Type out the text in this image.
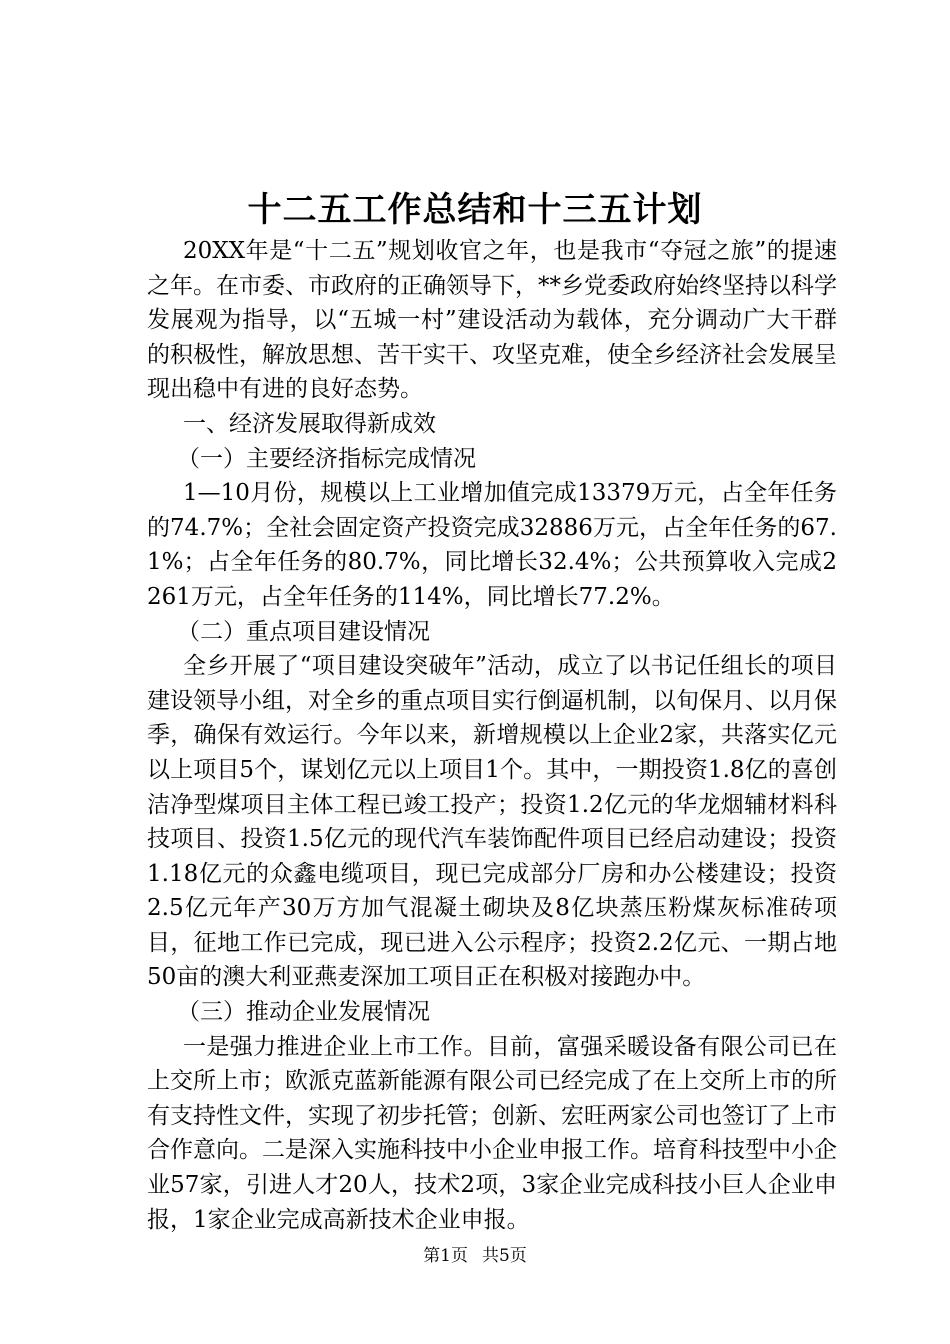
十二五工作总结和十三五计划

20XX年是“十二五”规划收官之年，也是我市“夺冠之旅”的提速之年。在市委、市政府的正确领导下，**乡党委政府始终坚持以科学发展观为指导，以“五城一村”建设活动为载体，充分调动广大干群的积极性，解放思想、苦干实干、攻坚克难，使全乡经济社会发展呈现出稳中有进的良好态势。

一、经济发展取得新成效

（一）主要经济指标完成情况

1—10月份，规模以上工业增加值完成13379万元，占全年任务的74.7%；全社会固定资产投资完成32886万元，占全年任务的67.1%；占全年任务的80.7%，同比增长32.4%；公共预算收入完成2261万元，占全年任务的114%，同比增长77.2%。

（二）重点项目建设情况

全乡开展了“项目建设突破年”活动，成立了以书记任组长的项目建设领导小组，对全乡的重点项目实行倒逼机制，以旬保月、以月保季，确保有效运行。今年以来，新增规模以上企业2家，共落实亿元以上项目5个，谋划亿元以上项目1个。其中，一期投资1.8亿的喜创洁净型煤项目主体工程已竣工投产；投资1.2亿元的华龙烟辅材料科技项目、投资1.5亿元的现代汽车装饰配件项目已经启动建设；投资1.18亿元的众鑫电缆项目，现已完成部分厂房和办公楼建设；投资2.5亿元年产30万方加气混凝土砌块及8亿块蒸压粉煤灰标准砖项目，征地工作已完成，现已进入公示程序；投资2.2亿元、一期占地50亩的澳大利亚燕麦深加工项目正在积极对接跑办中。

（三）推动企业发展情况

一是强力推进企业上市工作。目前，富强采暖设备有限公司已在上交所上市；欧派克蓝新能源有限公司已经完成了在上交所上市的所有支持性文件，实现了初步托管；创新、宏旺两家公司也签订了上市合作意向。二是深入实施科技中小企业申报工作。培育科技型中小企业57家，引进人才20人，技术2项，3家企业完成科技小巨人企业申报，1家企业完成高新技术企业申报。

第1页 共5页
